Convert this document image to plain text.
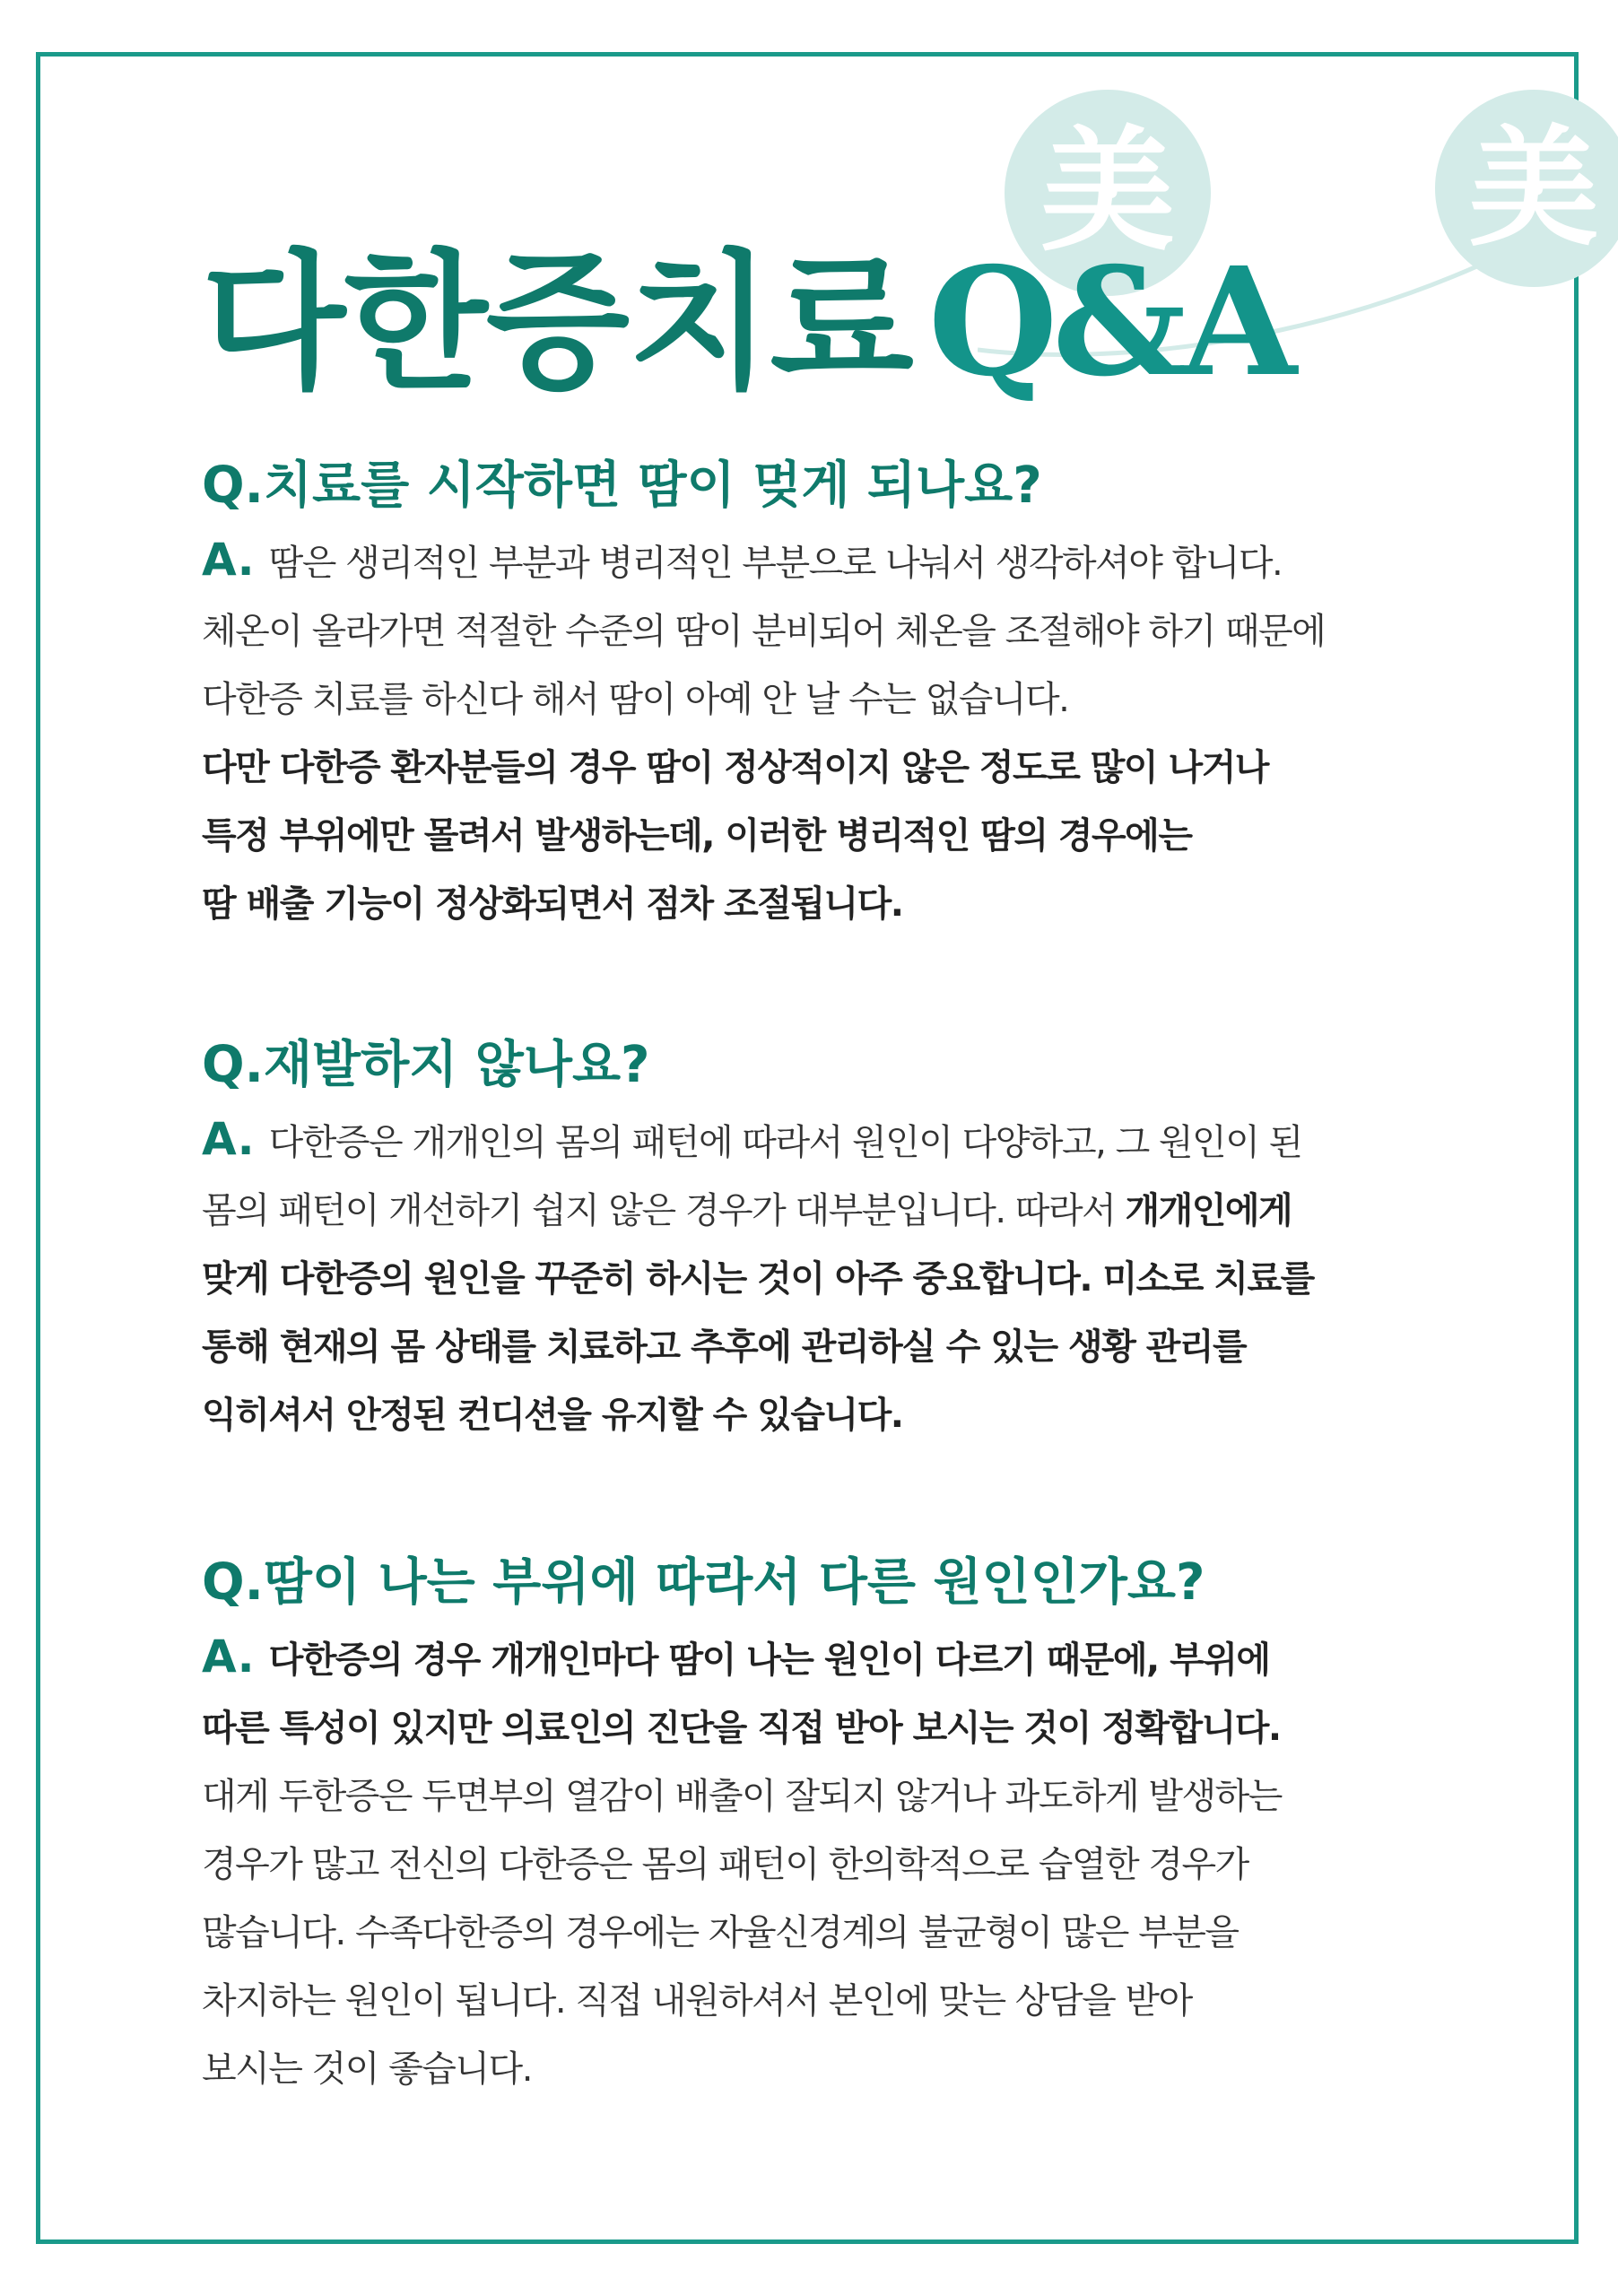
美 美
다한증치료 Q&A
Q.치료를 시작하면 땀이 멎게 되나요?
A. 땀은 생리적인 부분과 병리적인 부분으로 나눠서 생각하셔야 합니다.
체온이 올라가면 적절한 수준의 땀이 분비되어 체온을 조절해야 하기 때문에
다한증 치료를 하신다 해서 땀이 아예 안 날 수는 없습니다.
다만 다한증 환자분들의 경우 땀이 정상적이지 않은 정도로 많이 나거나
특정 부위에만 몰려서 발생하는데, 이러한 병리적인 땀의 경우에는
땀 배출 기능이 정상화되면서 점차 조절됩니다.
Q.재발하지 않나요?
A. 다한증은 개개인의 몸의 패턴에 따라서 원인이 다양하고, 그 원인이 된
몸의 패턴이 개선하기 쉽지 않은 경우가 대부분입니다. 따라서 개개인에게
맞게 다한증의 원인을 꾸준히 하시는 것이 아주 중요합니다. 미소로 치료를
통해 현재의 몸 상태를 치료하고 추후에 관리하실 수 있는 생황 관리를
익히셔서 안정된 컨디션을 유지할 수 있습니다.
Q.땀이 나는 부위에 따라서 다른 원인인가요?
A. 다한증의 경우 개개인마다 땀이 나는 원인이 다르기 때문에, 부위에
따른 특성이 있지만 의료인의 진단을 직접 받아 보시는 것이 정확합니다.
대게 두한증은 두면부의 열감이 배출이 잘되지 않거나 과도하게 발생하는
경우가 많고 전신의 다한증은 몸의 패턴이 한의학적으로 습열한 경우가
많습니다. 수족다한증의 경우에는 자율신경계의 불균형이 많은 부분을
차지하는 원인이 됩니다. 직접 내원하셔서 본인에 맞는 상담을 받아
보시는 것이 좋습니다.
